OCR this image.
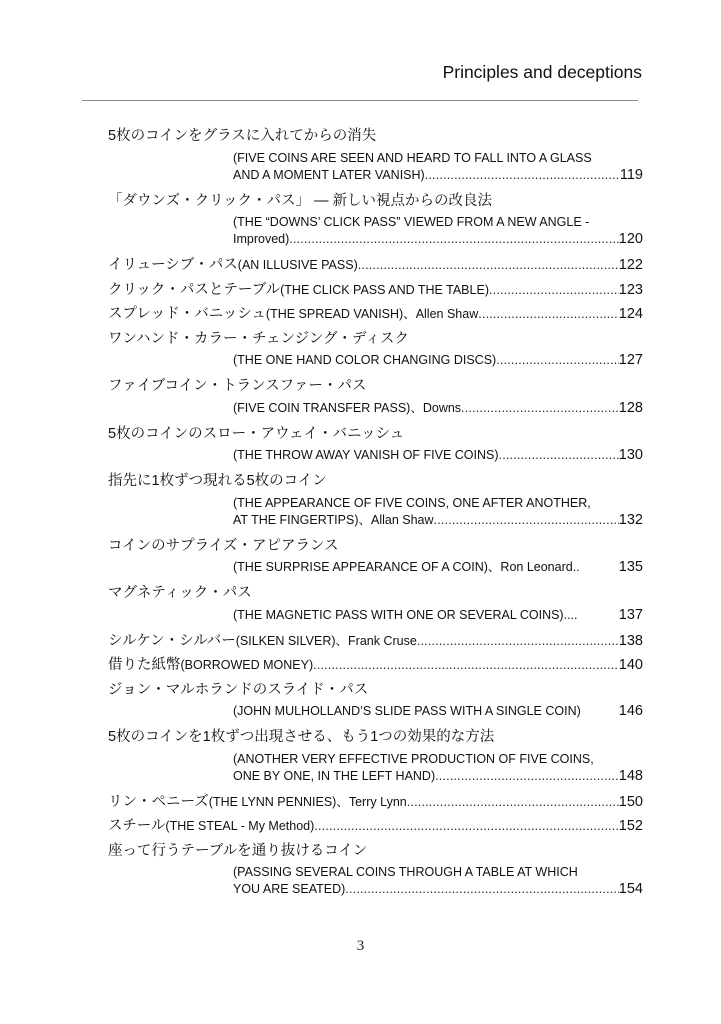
Principles and deceptions
5枚のコインをグラスに入れてからの消失
(FIVE COINS ARE SEEN AND HEARD TO FALL INTO A GLASS
AND A MOMENT LATER VANISH) .....	119
「ダウンズ・クリック・パス」 ― 新しい視点からの改良法
(THE “DOWNS’ CLICK PASS” VIEWED FROM A NEW ANGLE -
Improved) .....	120
イリューシブ・パス (AN ILLUSIVE PASS) .....	122
クリック・パスとテーブル (THE CLICK PASS AND THE TABLE) .....	123
スプレッド・バニッシュ (THE SPREAD VANISH)、Allen Shaw .....	124
ワンハンド・カラー・チェンジング・ディスク
(THE ONE HAND COLOR CHANGING DISCS) .....	127
ファイブコイン・トランスファー・パス
(FIVE COIN TRANSFER PASS)、Downs .....	128
5枚のコインのスロー・アウェイ・バニッシュ
(THE THROW AWAY VANISH OF FIVE COINS) .....	130
指先に1枚ずつ現れる5枚のコイン
(THE APPEARANCE OF FIVE COINS, ONE AFTER ANOTHER,
AT THE FINGERTIPS)、Allan Shaw .....	132
コインのサプライズ・アピアランス
(THE SURPRISE APPEARANCE OF A COIN)、Ron Leonard..	135
マグネティック・パス
(THE MAGNETIC PASS WITH ONE OR SEVERAL COINS)....	137
シルケン・シルバー (SILKEN SILVER)、Frank Cruse .....	138
借りた紙幣 (BORROWED MONEY) .....	140
ジョン・マルホランドのスライド・パス
(JOHN MULHOLLAND’S SLIDE PASS WITH A SINGLE COIN)	146
5枚のコインを1枚ずつ出現させる、もう1つの効果的な方法
(ANOTHER VERY EFFECTIVE PRODUCTION OF FIVE COINS,
ONE BY ONE, IN THE LEFT HAND) .....	148
リン・ペニーズ (THE LYNN PENNIES)、Terry Lynn .....	150
スチール (THE STEAL - My Method) .....	152
座って行うテーブルを通り抜けるコイン
(PASSING SEVERAL COINS THROUGH A TABLE AT WHICH
YOU ARE SEATED) .....	154
3
